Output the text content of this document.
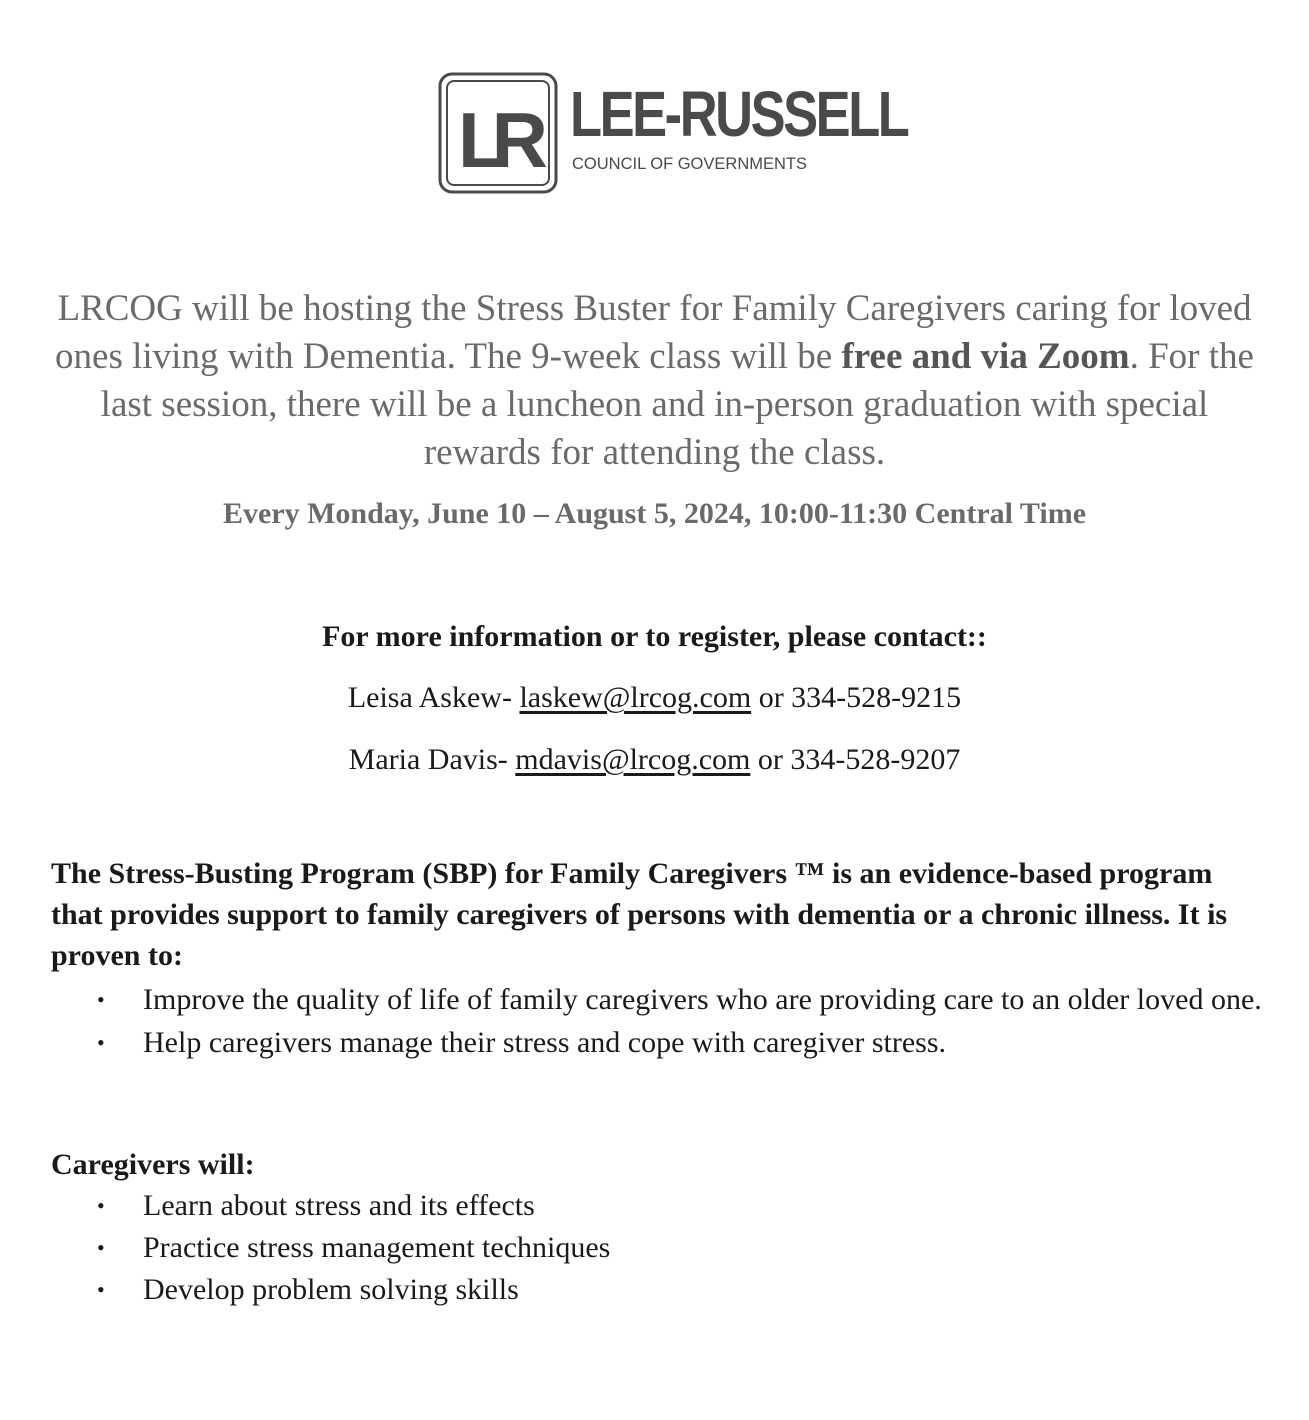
LR LEE-RUSSELL
COUNCIL OF GOVERNMENTS

LRCOG will be hosting the Stress Buster for Family Caregivers caring for loved ones living with Dementia. The 9-week class will be free and via Zoom. For the last session, there will be a luncheon and in-person graduation with special rewards for attending the class.

Every Monday, June 10 – August 5, 2024, 10:00-11:30 Central Time

For more information or to register, please contact::

Leisa Askew- laskew@lrcog.com or 334-528-9215

Maria Davis- mdavis@lrcog.com or 334-528-9207

The Stress-Busting Program (SBP) for Family Caregivers ™ is an evidence-based program that provides support to family caregivers of persons with dementia or a chronic illness. It is proven to:

• Improve the quality of life of family caregivers who are providing care to an older loved one.
• Help caregivers manage their stress and cope with caregiver stress.

Caregivers will:

• Learn about stress and its effects
• Practice stress management techniques
• Develop problem solving skills
